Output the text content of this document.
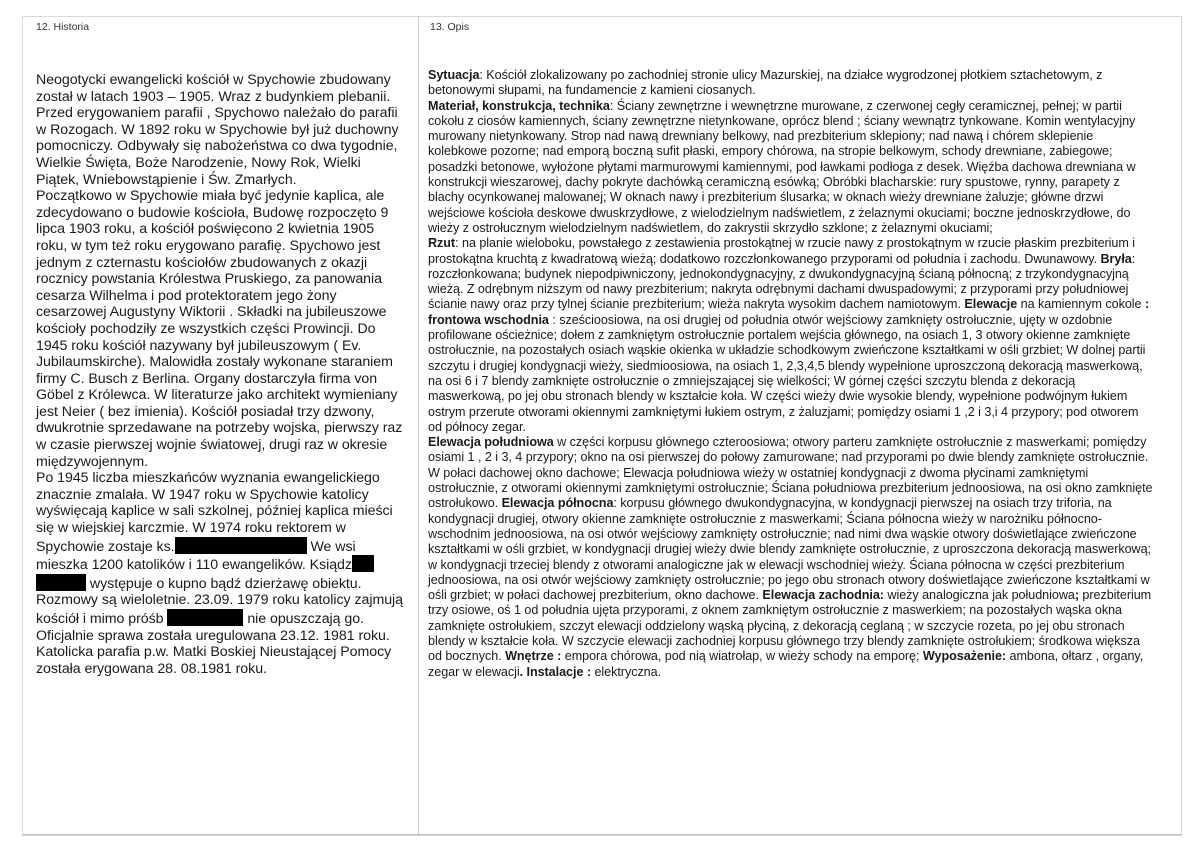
12. Historia	13. Opis

Neogotycki ewangelicki kościół w Spychowie zbudowany został w latach 1903 – 1905. Wraz z budynkiem plebanii. Przed erygowaniem parafii , Spychowo należało do parafii w Rozogach. W 1892 roku w Spychowie był już duchowny pomocniczy. Odbywały się nabożeństwa co dwa tygodnie, Wielkie Święta, Boże Narodzenie, Nowy Rok, Wielki Piątek, Wniebowstąpienie i Św. Zmarłych.

Początkowo w Spychowie miała być jedynie kaplica, ale zdecydowano o budowie kościoła, Budowę rozpoczęto 9 lipca 1903 roku, a kościół poświęcono 2 kwietnia 1905 roku, w tym też roku erygowano parafię. Spychowo jest jednym z czternastu kościołów zbudowanych z okazji rocznicy powstania Królestwa Pruskiego, za panowania cesarza Wilhelma i pod protektoratem jego żony cesarzowej Augustyny Wiktorii . Składki na jubileuszowe kościoły pochodziły ze wszystkich części Prowincji. Do 1945 roku kościół nazywany był jubileuszowym ( Ev. Jubilaumskirche). Malowidła zostały wykonane staraniem firmy C. Busch z Berlina. Organy dostarczyła firma von Göbel z Królewca. W literaturze jako architekt wymieniany jest Neier ( bez imienia). Kościół posiadał trzy dzwony, dwukrotnie sprzedawane na potrzeby wojska, pierwszy raz w czasie pierwszej wojnie światowej, drugi raz w okresie międzywojennym.

Po 1945 liczba mieszkańców wyznania ewangelickiego znacznie zmalała. W 1947 roku w Spychowie katolicy wyświęcają kaplice w sali szkolnej, później kaplica mieści się w wiejskiej karczmie. W 1974 roku rektorem w Spychowie zostaje ks.	We wsi mieszka 1200 katolików i 110 ewangelików. Ksiądz  występuje o kupno bądź dzierżawę obiektu. Rozmowy są wieloletnie. 23.09. 1979 roku katolicy zajmują kościół i mimo próśb	nie opuszczają go. Oficjalnie sprawa została uregulowana 23.12. 1981 roku. Katolicka parafia p.w. Matki Boskiej Nieustającej Pomocy została erygowana 28. 08.1981 roku.

Sytuacja: Kościół zlokalizowany po zachodniej stronie ulicy Mazurskiej, na działce wygrodzonej płotkiem sztachetowym, z betonowymi słupami, na fundamencie z kamieni ciosanych.

Materiał, konstrukcja, technika: Ściany zewnętrzne i wewnętrzne murowane, z czerwonej cegły ceramicznej, pełnej; w partii cokołu z ciosów kamiennych, ściany zewnętrzne nietynkowane, oprócz blend ; ściany wewnątrz tynkowane. Komin wentylacyjny murowany nietynkowany. Strop nad nawą drewniany belkowy, nad prezbiterium sklepiony; nad nawą i chórem sklepienie kolebkowe pozorne; nad emporą boczną sufit płaski, empory chórowa, na stropie belkowym, schody drewniane, zabiegowe; posadzki betonowe, wyłożone płytami marmurowymi kamiennymi, pod ławkami podłoga z desek. Więźba dachowa drewniana w konstrukcji wieszarowej, dachy pokryte dachówką ceramiczną esówką; Obróbki blacharskie: rury spustowe, rynny, parapety z blachy ocynkowanej malowanej; W oknach nawy i prezbiterium ślusarka; w oknach wieży drewniane żaluzje; główne drzwi wejściowe kościoła deskowe dwuskrzydłowe, z wielodzielnym nadświetlem, z żelaznymi okuciami; boczne jednoskrzydłowe, do wieży z ostrołucznym wielodzielnym nadświetlem, do zakrystii skrzydło szklone; z żelaznymi okuciami;

Rzut: na planie wieloboku, powstałego z zestawienia prostokątnej w rzucie nawy z prostokątnym w rzucie płaskim prezbiterium i prostokątna kruchtą z kwadratową wieżą; dodatkowo rozczłonkowanego przyporami od południa i zachodu. Dwunawowy. Bryła: rozczłonkowana; budynek niepodpiwniczony, jednokondygnacyjny, z dwukondygnacyjną ścianą północną; z trzykondygnacyjną wieżą. Z odrębnym niższym od nawy prezbiterium; nakryta odrębnymi dachami dwuspadowymi; z przyporami przy południowej ścianie nawy oraz przy tylnej ścianie prezbiterium; wieża nakryta wysokim dachem namiotowym. Elewacje na kamiennym cokole : frontowa wschodnia : sześcioosiowa, na osi drugiej od południa otwór wejściowy zamknięty ostrołucznie, ujęty w ozdobnie profilowane ościeżnice; dołem z zamkniętym ostrołucznie portalem wejścia głównego, na osiach 1, 3 otwory okienne zamknięte ostrołucznie, na pozostałych osiach wąskie okienka w układzie schodkowym zwieńczone kształtkami w ośli grzbiet; W dolnej partii szczytu i drugiej kondygnacji wieży, siedmioosiowa, na osiach 1, 2,3,4,5 blendy wypełnione uproszczoną dekoracją maswerkową, na osi 6 i 7 blendy zamknięte ostrołucznie o zmniejszającej się wielkości; W górnej części szczytu blenda z dekoracją maswerkową, po jej obu stronach blendy w kształcie koła. W części wieży dwie wysokie blendy, wypełnione podwójnym łukiem ostrym przerute otworami okiennymi zamkniętymi łukiem ostrym, z żaluzjami; pomiędzy osiami 1 ,2 i 3,i 4 przypory; pod otworem od północy zegar.

Elewacja południowa w części korpusu głównego czteroosiowa; otwory parteru zamknięte ostrołucznie z maswerkami; pomiędzy osiami 1 , 2 i 3, 4 przypory; okno na osi pierwszej do połowy zamurowane; nad przyporami po dwie blendy zamknięte ostrołucznie. W połaci dachowej okno dachowe; Elewacja południowa wieży w ostatniej kondygnacji z dwoma płycinami zamkniętymi ostrołucznie, z otworami okiennymi zamkniętymi ostrołucznie; Ściana południowa prezbiterium jednoosiowa, na osi okno zamknięte ostrołukowo. Elewacja północna: korpusu głównego dwukondygnacyjna, w kondygnacji pierwszej na osiach trzy triforia, na kondygnacji drugiej, otwory okienne zamknięte ostrołucznie z maswerkami; Ściana północna wieży w narożniku północno- wschodnim jednoosiowa, na osi otwór wejściowy zamknięty ostrołucznie; nad nimi dwa wąskie otwory doświetlające zwieńczone kształtkami w ośli grzbiet, w kondygnacji drugiej wieży dwie blendy zamknięte ostrołucznie, z uproszczona dekoracją maswerkową; w kondygnacji trzeciej blendy z otworami analogiczne jak w elewacji wschodniej wieży. Ściana północna w części prezbiterium jednoosiowa, na osi otwór wejściowy zamknięty ostrołucznie; po jego obu stronach otwory doświetlające zwieńczone kształtkami w ośli grzbiet; w połaci dachowej prezbiterium, okno dachowe. Elewacja zachodnia: wieży analogiczna jak południowa; prezbiterium trzy osiowe, oś 1 od południa ujęta przyporami, z oknem zamkniętym ostrołucznie z maswerkiem; na pozostałych wąska okna zamknięte ostrołukiem, szczyt elewacji oddzielony wąską płyciną, z dekoracją ceglaną ; w szczycie rozeta, po jej obu stronach blendy w kształcie koła. W szczycie elewacji zachodniej korpusu głównego trzy blendy zamknięte ostrołukiem; środkowa większa od bocznych. Wnętrze : empora chórowa, pod nią wiatrołap, w wieży schody na emporę; Wyposażenie: ambona, ołtarz , organy, zegar w elewacji. Instalacje : elektryczna.
